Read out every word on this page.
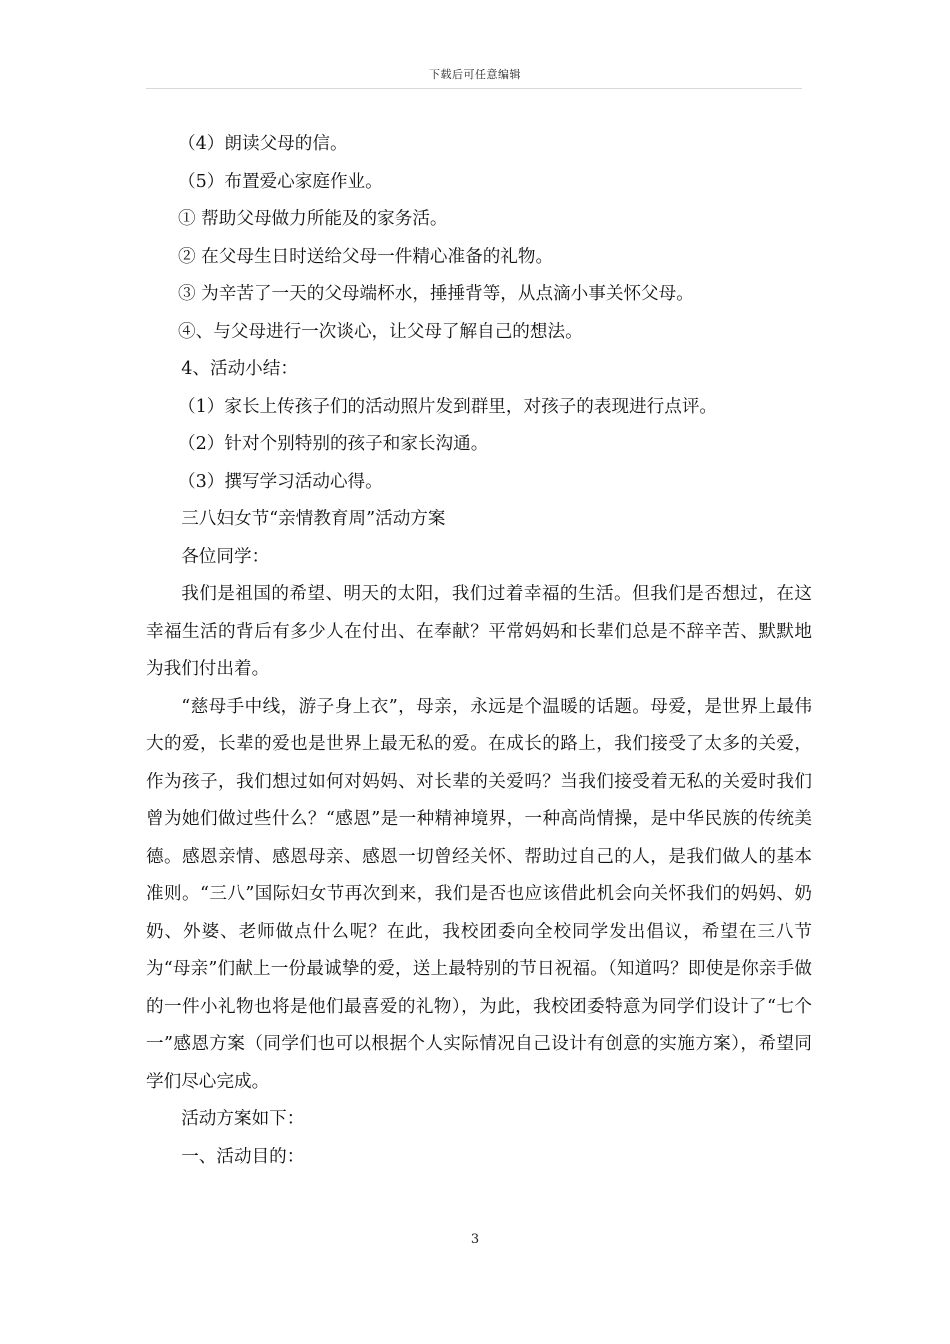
下载后可任意编辑

（4）朗读父母的信。

（5）布置爱心家庭作业。

① 帮助父母做力所能及的家务活。

② 在父母生日时送给父母一件精心准备的礼物。

③ 为辛苦了一天的父母端杯水，捶捶背等，从点滴小事关怀父母。

④、与父母进行一次谈心，让父母了解自己的想法。

4、活动小结：

（1）家长上传孩子们的活动照片发到群里，对孩子的表现进行点评。

（2）针对个别特别的孩子和家长沟通。

（3）撰写学习活动心得。

三八妇女节“亲情教育周”活动方案

各位同学：

我们是祖国的希望、明天的太阳，我们过着幸福的生活。但我们是否想过，在这幸福生活的背后有多少人在付出、在奉献？平常妈妈和长辈们总是不辞辛苦、默默地为我们付出着。

“慈母手中线，游子身上衣”，母亲，永远是个温暖的话题。母爱，是世界上最伟大的爱，长辈的爱也是世界上最无私的爱。在成长的路上，我们接受了太多的关爱，作为孩子，我们想过如何对妈妈、对长辈的关爱吗？当我们接受着无私的关爱时我们曾为她们做过些什么？“感恩”是一种精神境界，一种高尚情操，是中华民族的传统美德。感恩亲情、感恩母亲、感恩一切曾经关怀、帮助过自己的人，是我们做人的基本准则。“三八”国际妇女节再次到来，我们是否也应该借此机会向关怀我们的妈妈、奶奶、外婆、老师做点什么呢？在此，我校团委向全校同学发出倡议，希望在三八节为“母亲”们献上一份最诚挚的爱，送上最特别的节日祝福。（知道吗？即使是你亲手做的一件小礼物也将是他们最喜爱的礼物），为此，我校团委特意为同学们设计了“七个一”感恩方案（同学们也可以根据个人实际情况自己设计有创意的实施方案），希望同学们尽心完成。

活动方案如下：

一、活动目的：

3
